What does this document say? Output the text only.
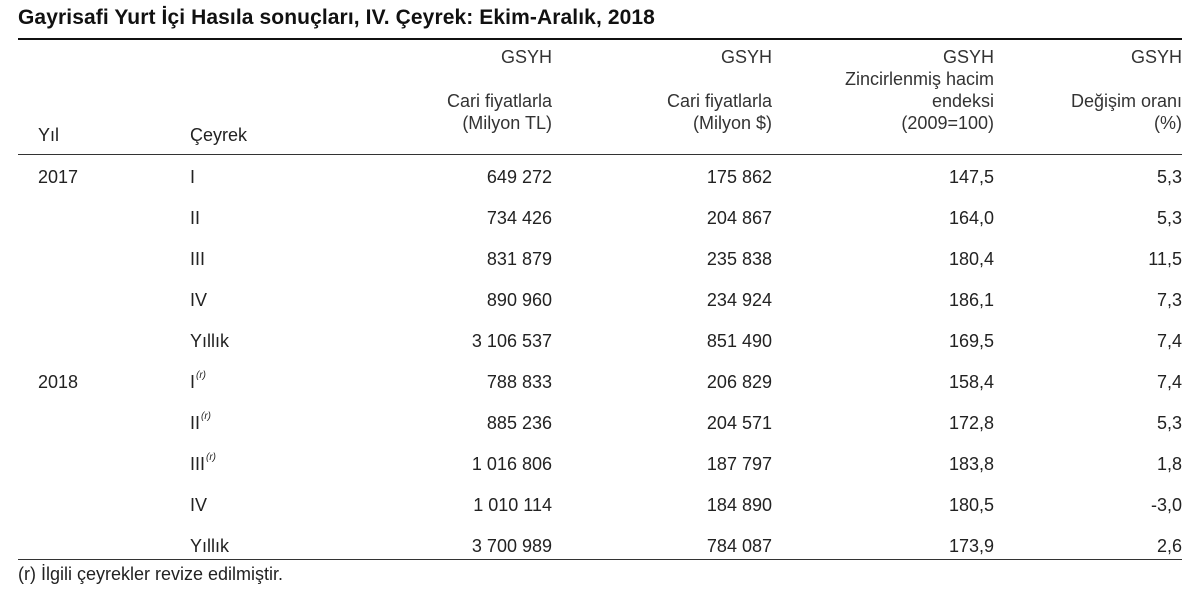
Gayrisafi Yurt İçi Hasıla sonuçları, IV. Çeyrek: Ekim-Aralık, 2018
Yıl	Çeyrek
GSYH
Cari fiyatlarla
(Milyon TL)
GSYH
Cari fiyatlarla
(Milyon $)
GSYH
Zincirlenmiş hacim
endeksi
(2009=100)
GSYH
Değişim oranı
(%)
2017	I	649 272	175 862	147,5	5,3
II	734 426	204 867	164,0	5,3
III	831 879	235 838	180,4	11,5
IV	890 960	234 924	186,1	7,3
Yıllık	3 106 537	851 490	169,5	7,4
2018	$I^{(r)}$	788 833	206 829	158,4	7,4
II$^{(r)}$	885 236	204 571	172,8	5,3
III$^{(r)}$	1 016 806	187 797	183,8	1,8
IV	1 010 114	184 890	180,5	-3,0
Yıllık	3 700 989	784 087	173,9	2,6
(r) İlgili çeyrekler revize edilmiştir.
